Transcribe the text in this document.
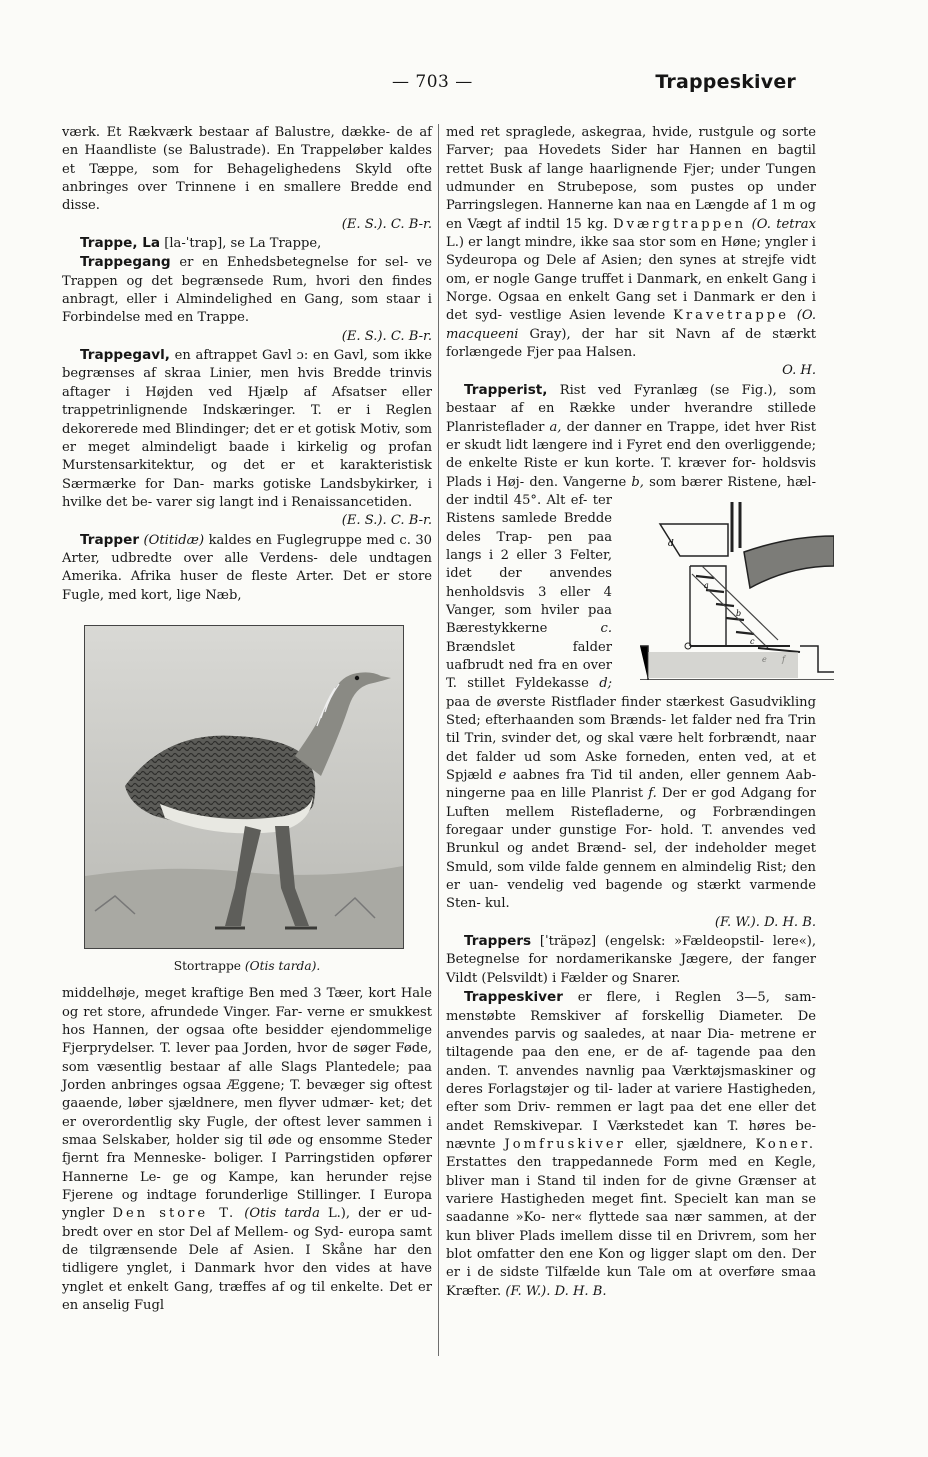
— 703 —	Trappeskiver

værk. Et Rækværk bestaar af Balustre, dække- de af en Haandliste (se Balustrade). En Trappeløber kaldes et Tæppe, som for Behagelighedens Skyld ofte anbringes over Trinnene i en smallere Bredde end disse.

(E. S.). C. B-r.

Trappe, La [la-ˈtrap], se La Trappe,

Trappegang er en Enhedsbetegnelse for sel- ve Trappen og det begrænsede Rum, hvori den findes anbragt, eller i Almindelighed en Gang, som staar i Forbindelse med en Trappe.

(E. S.). C. B-r.

Trappegavl, en aftrappet Gavl ɔ: en Gavl, som ikke begrænses af skraa Linier, men hvis Bredde trinvis aftager i Højden ved Hjælp af Afsatser eller trappetrinlignende Indskæringer. T. er i Reglen dekorerede med Blindinger; det er et gotisk Motiv, som er meget almindeligt baade i kirkelig og profan Murstensarkitektur, og det er et karakteristisk Særmærke for Dan- marks gotiske Landsbykirker, i hvilke det be- varer sig langt ind i Renaissancetiden.

(E. S.). C. B-r.

Trapper (Otitidæ) kaldes en Fuglegruppe med c. 30 Arter, udbredte over alle Verdens- dele undtagen Amerika. Afrika huser de fleste Arter. Det er store Fugle, med kort, lige Næb,

Stortrappe (Otis tarda).

middelhøje, meget kraftige Ben med 3 Tæer, kort Hale og ret store, afrundede Vinger. Far- verne er smukkest hos Hannen, der ogsaa ofte besidder ejendommelige Fjerprydelser. T. lever paa Jorden, hvor de søger Føde, som væsentlig bestaar af alle Slags Plantedele; paa Jorden anbringes ogsaa Æggene; T. bevæger sig oftest gaaende, løber sjældnere, men flyver udmær- ket; det er overordentlig sky Fugle, der oftest lever sammen i smaa Selskaber, holder sig til øde og ensomme Steder fjernt fra Menneske- boliger. I Parringstiden opfører Hannerne Le- ge og Kampe, kan herunder rejse Fjerene og indtage forunderlige Stillinger. I Europa yngler Den store T. (Otis tarda L.), der er ud- bredt over en stor Del af Mellem- og Syd- europa samt de tilgrænsende Dele af Asien. I Skåne har den tidligere ynglet, i Danmark hvor den vides at have ynglet et enkelt Gang, træffes af og til enkelte. Det er en anselig Fugl

med ret spraglede, askegraa, hvide, rustgule og sorte Farver; paa Hovedets Sider har Hannen en bagtil rettet Busk af lange haarlignende Fjer; under Tungen udmunder en Strubepose, som pustes op under Parringslegen. Hannerne kan naa en Længde af 1 m og en Vægt af indtil 15 kg. Dværgtrappen (O. tetrax L.) er langt mindre, ikke saa stor som en Høne; yngler i Sydeuropa og Dele af Asien; den synes at strejfe vidt om, er nogle Gange truffet i Danmark, en enkelt Gang i Norge. Ogsaa en enkelt Gang set i Danmark er den i det syd- vestlige Asien levende Kravetrappe (O. macqueeni Gray), der har sit Navn af de stærkt forlængede Fjer paa Halsen.

O. H.

Trapperist, Rist ved Fyranlæg (se Fig.), som bestaar af en Række under hverandre stillede Planristeflader a, der danner en Trappe, idet hver Rist er skudt lidt længere ind i Fyret end den overliggende; de enkelte Riste er kun korte. T. kræver for- holdsvis Plads i Høj- den. Vangerne
d
a
b
c
b, som bærer Ristene, hæl- der indtil 45°. Alt ef- ter Ristens samlede Bredde deles Trap- pen paa langs i 2 eller 3 Felter, idet der anvendes henholdsvis 3 eller 4 Vanger, som hviler paa Bærestykkerne	c. Brændslet falder uafbrudt ned fra en over T. stillet Fyldekasse d; paa de øverste Ristflader finder stærkest Gasudvikling Sted; efterhaanden som Brænds- let falder ned fra Trin til Trin, svinder det, og skal være helt forbrændt, naar det falder ud som Aske forneden, enten ved, at et Spjæld e aabnes fra Tid til anden, eller gennem Aab- ningerne paa en lille Planrist f. Der er god Adgang for Luften mellem Ristefladerne, og Forbrændingen foregaar under gunstige For- hold. T. anvendes ved Brunkul og andet Brænd- sel, der indeholder meget Smuld, som vilde falde gennem en almindelig Rist; den er uan- vendelig ved bagende og stærkt varmende Sten- kul.

(F. W.). D. H. B.

Trappers [ˈträpəz] (engelsk: »Fældeopstil- lere«), Betegnelse for nordamerikanske Jægere, der fanger Vildt (Pelsvildt) i Fælder og Snarer.

Trappeskiver er flere, i Reglen 3—5, sam- menstøbte Remskiver af forskellig Diameter. De anvendes parvis og saaledes, at naar Dia- metrene er tiltagende paa den ene, er de af- tagende paa den anden. T. anvendes navnlig paa Værktøjsmaskiner og deres Forlagstøjer og til- lader at variere Hastigheden, efter som Driv- remmen er lagt paa det ene eller det andet Remskivepar. I Værkstedet kan T. høres be- nævnte Jomfruskiver eller, sjældnere, Koner. Erstattes den trappedannede Form med en Kegle, bliver man i Stand til inden for de givne Grænser at variere Hastigheden meget fint. Specielt kan man se saadanne »Ko- ner« flyttede saa nær sammen, at der kun bliver Plads imellem disse til en Drivrem, som her blot omfatter den ene Kon og ligger slapt om den. Der er i de sidste Tilfælde kun Tale om at overføre smaa Kræfter. (F. W.). D. H. B.
